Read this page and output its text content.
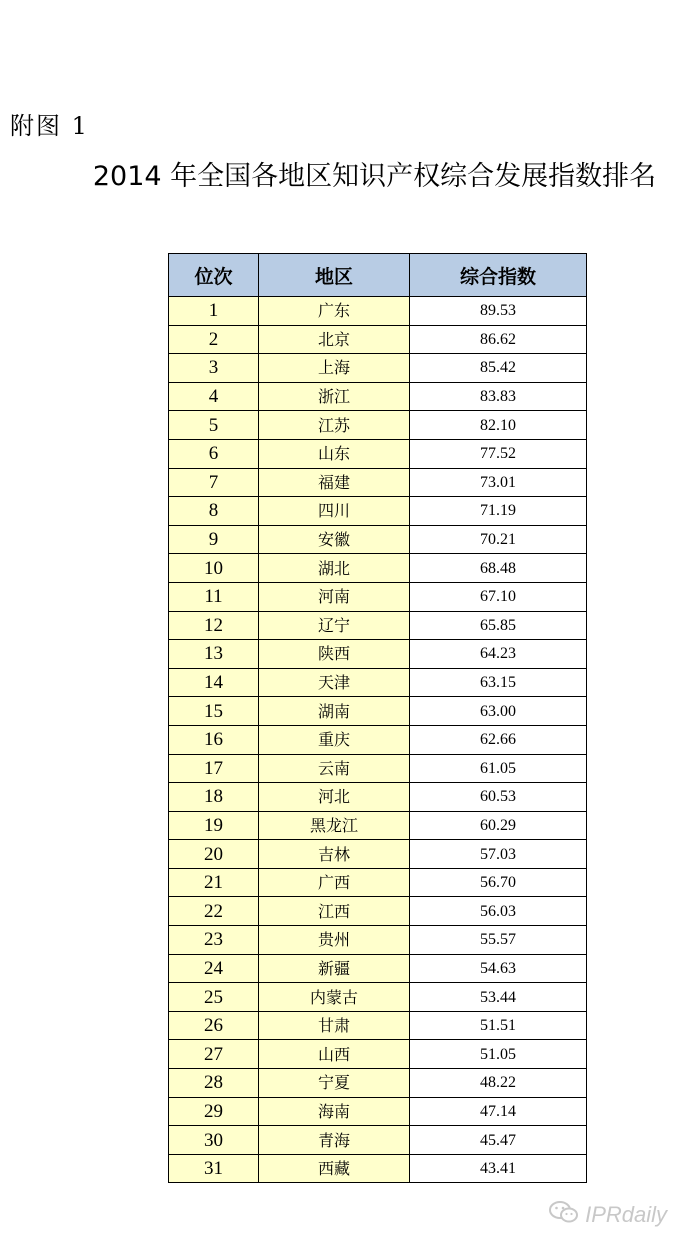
附图 1
2014 年全国各地区知识产权综合发展指数排名
位次	地区	综合指数
1	广东	89.53
2	北京	86.62
3	上海	85.42
4	浙江	83.83
5	江苏	82.10
6	山东	77.52
7	福建	73.01
8	四川	71.19
9	安徽	70.21
10	湖北	68.48
11	河南	67.10
12	辽宁	65.85
13	陕西	64.23
14	天津	63.15
15	湖南	63.00
16	重庆	62.66
17	云南	61.05
18	河北	60.53
19	黑龙江	60.29
20	吉林	57.03
21	广西	56.70
22	江西	56.03
23	贵州	55.57
24	新疆	54.63
25	内蒙古	53.44
26	甘肃	51.51
27	山西	51.05
28	宁夏	48.22
29	海南	47.14
30	青海	45.47
31	西藏	43.41
IPRdaily
